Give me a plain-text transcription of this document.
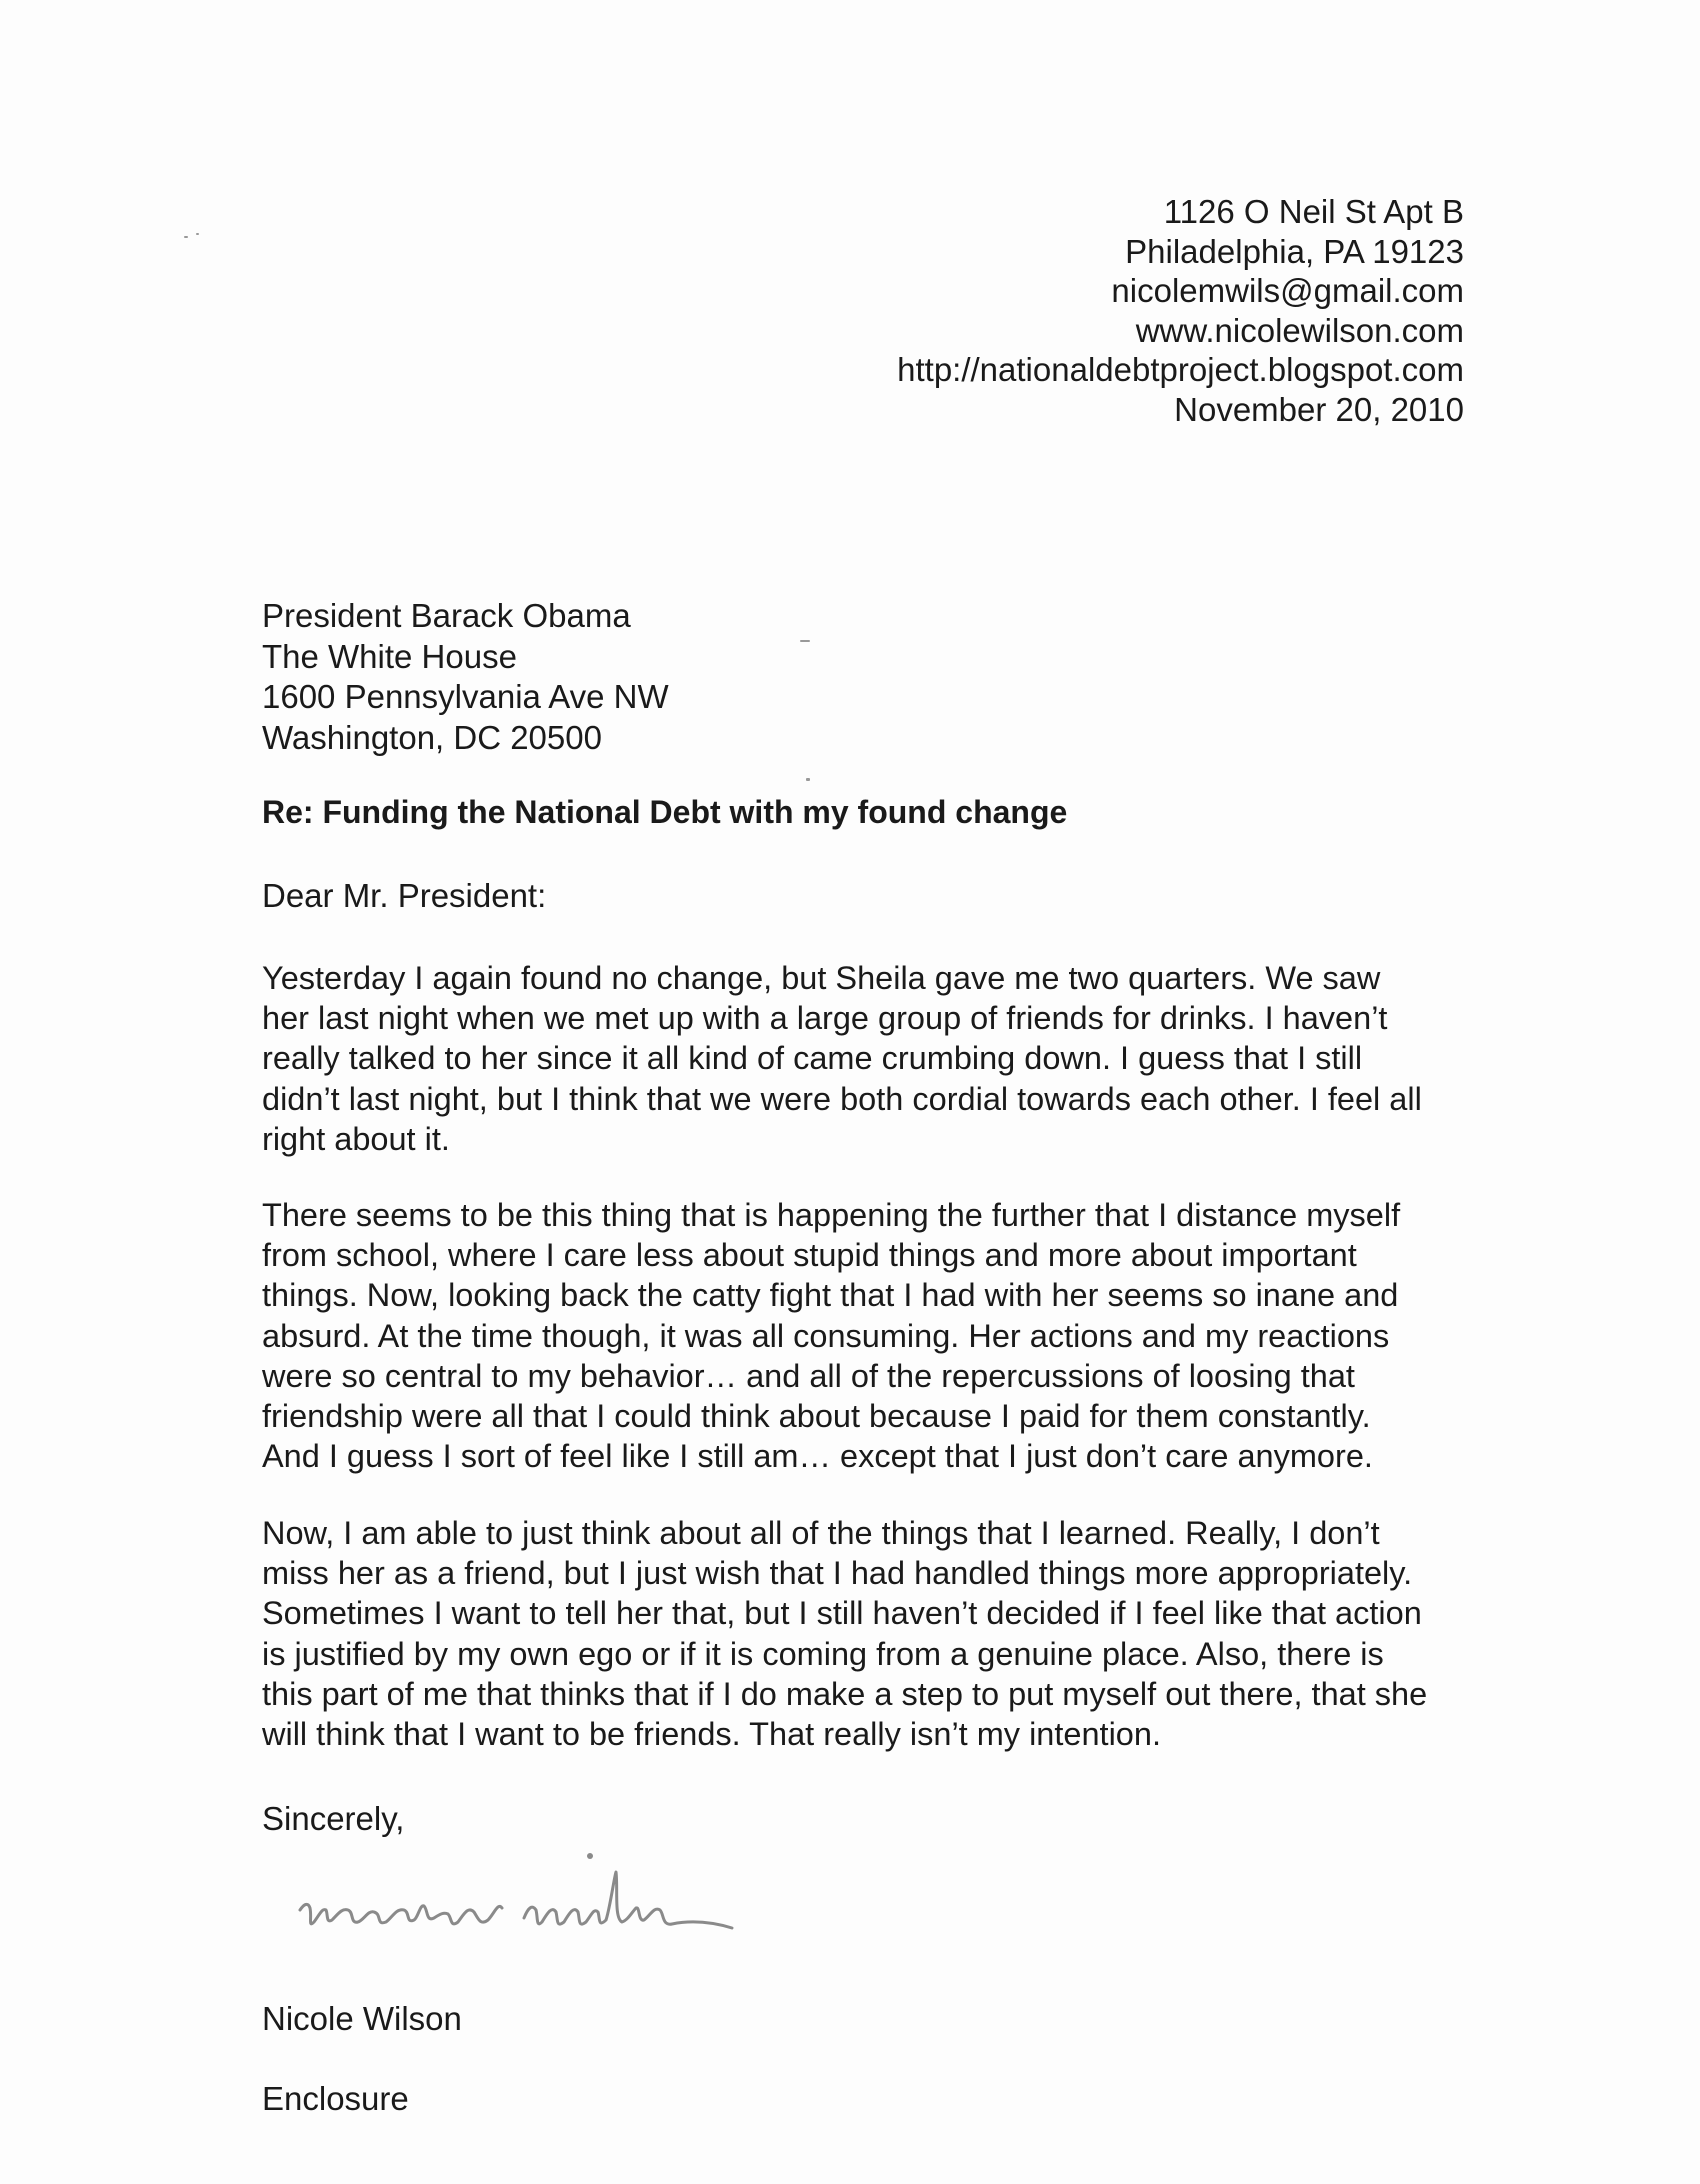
1126 O Neil St Apt B
Philadelphia, PA 19123
nicolemwils@gmail.com
www.nicolewilson.com
http://nationaldebtproject.blogspot.com
November 20, 2010
President Barack Obama
The White House
1600 Pennsylvania Ave NW
Washington, DC 20500
Re: Funding the National Debt with my found change
Dear Mr. President:
Yesterday I again found no change, but Sheila gave me two quarters. We saw
her last night when we met up with a large group of friends for drinks. I haven’t
really talked to her since it all kind of came crumbing down. I guess that I still
didn’t last night, but I think that we were both cordial towards each other. I feel all
right about it.
There seems to be this thing that is happening the further that I distance myself
from school, where I care less about stupid things and more about important
things. Now, looking back the catty fight that I had with her seems so inane and
absurd. At the time though, it was all consuming. Her actions and my reactions
were so central to my behavior… and all of the repercussions of loosing that
friendship were all that I could think about because I paid for them constantly.
And I guess I sort of feel like I still am… except that I just don’t care anymore.
Now, I am able to just think about all of the things that I learned. Really, I don’t
miss her as a friend, but I just wish that I had handled things more appropriately.
Sometimes I want to tell her that, but I still haven’t decided if I feel like that action
is justified by my own ego or if it is coming from a genuine place. Also, there is
this part of me that thinks that if I do make a step to put myself out there, that she
will think that I want to be friends. That really isn’t my intention.
Sincerely,
Nicole Wilson
Enclosure
